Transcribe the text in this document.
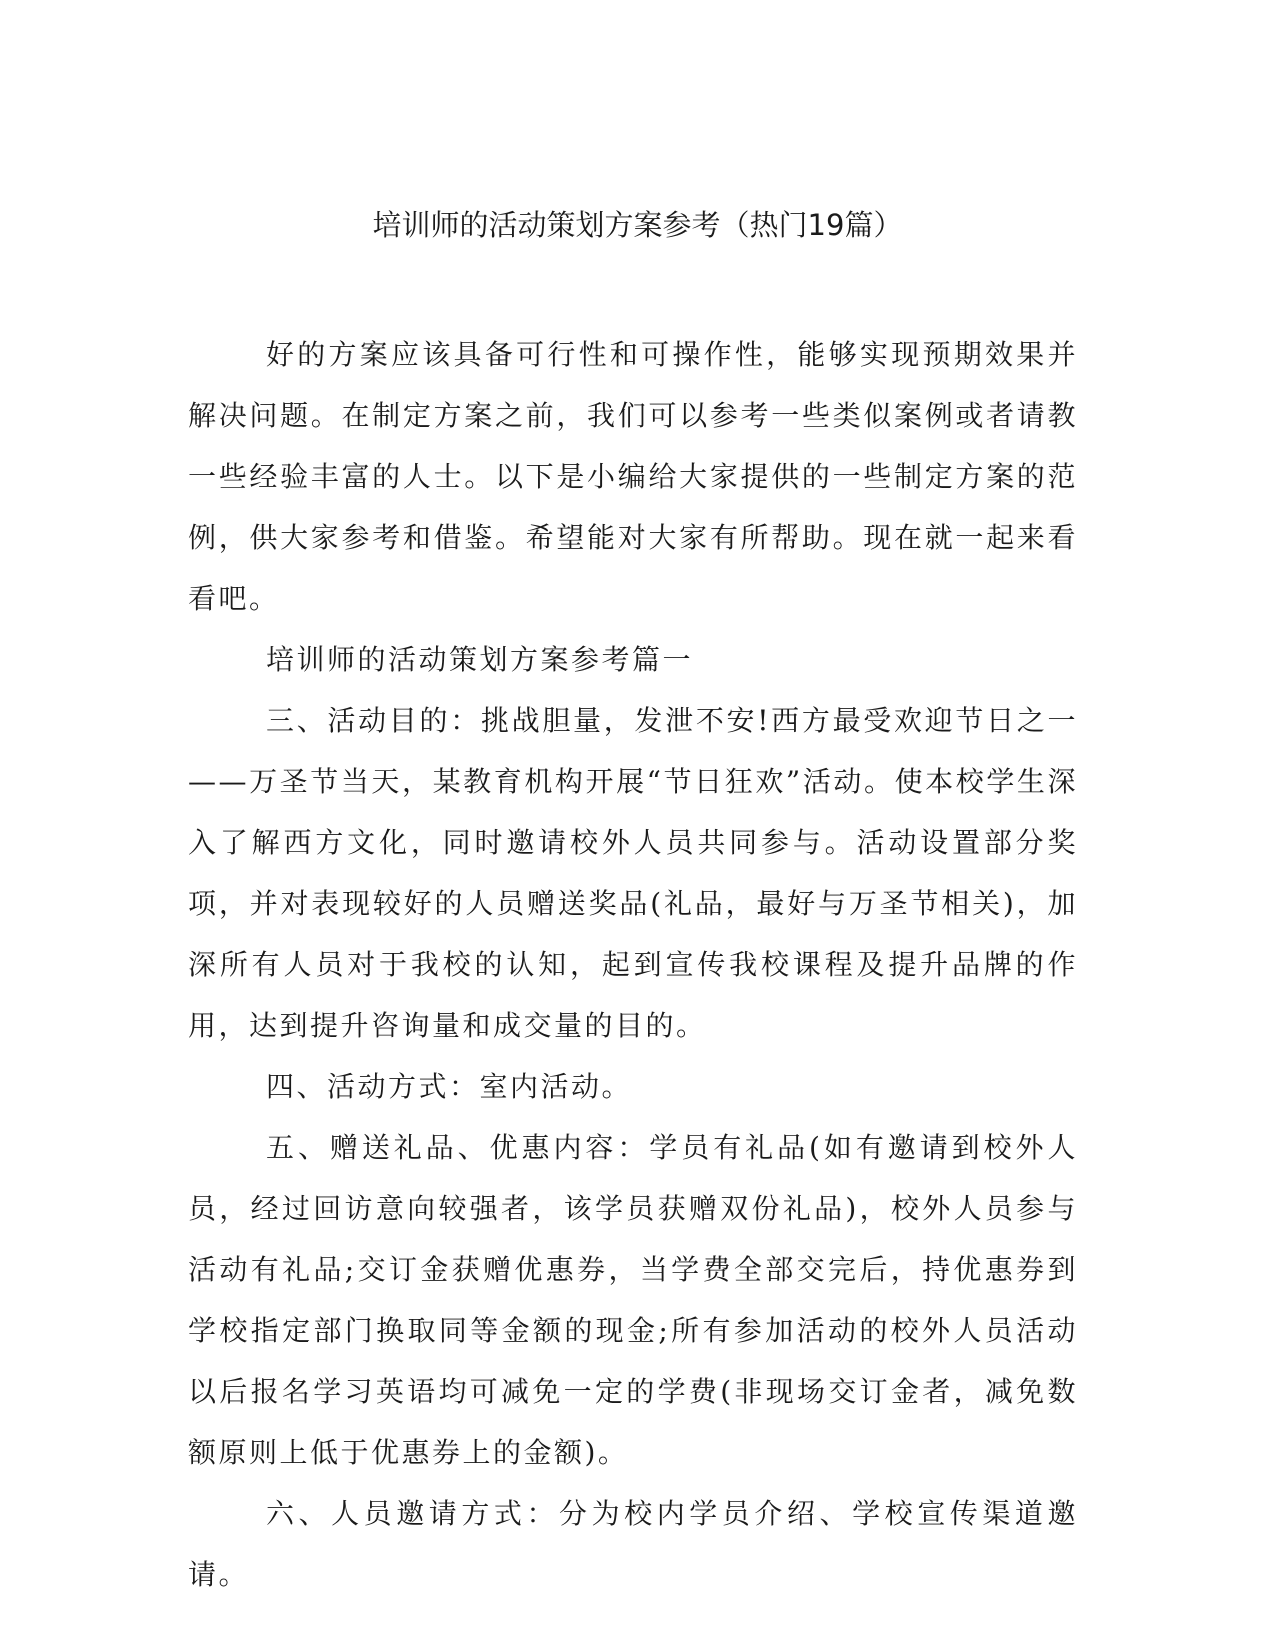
培训师的活动策划方案参考（热门19篇）

好的方案应该具备可行性和可操作性，能够实现预期效果并解决问题。在制定方案之前，我们可以参考一些类似案例或者请教一些经验丰富的人士。以下是小编给大家提供的一些制定方案的范例，供大家参考和借鉴。希望能对大家有所帮助。现在就一起来看看吧。

培训师的活动策划方案参考篇一

三、活动目的：挑战胆量，发泄不安!西方最受欢迎节日之一——万圣节当天，某教育机构开展“节日狂欢”活动。使本校学生深入了解西方文化，同时邀请校外人员共同参与。活动设置部分奖项，并对表现较好的人员赠送奖品(礼品，最好与万圣节相关)，加深所有人员对于我校的认知，起到宣传我校课程及提升品牌的作用，达到提升咨询量和成交量的目的。

四、活动方式：室内活动。

五、赠送礼品、优惠内容：学员有礼品(如有邀请到校外人员，经过回访意向较强者，该学员获赠双份礼品)，校外人员参与活动有礼品;交订金获赠优惠券，当学费全部交完后，持优惠券到学校指定部门换取同等金额的现金;所有参加活动的校外人员活动以后报名学习英语均可减免一定的学费(非现场交订金者，减免数额原则上低于优惠券上的金额)。

六、人员邀请方式：分为校内学员介绍、学校宣传渠道邀请。
